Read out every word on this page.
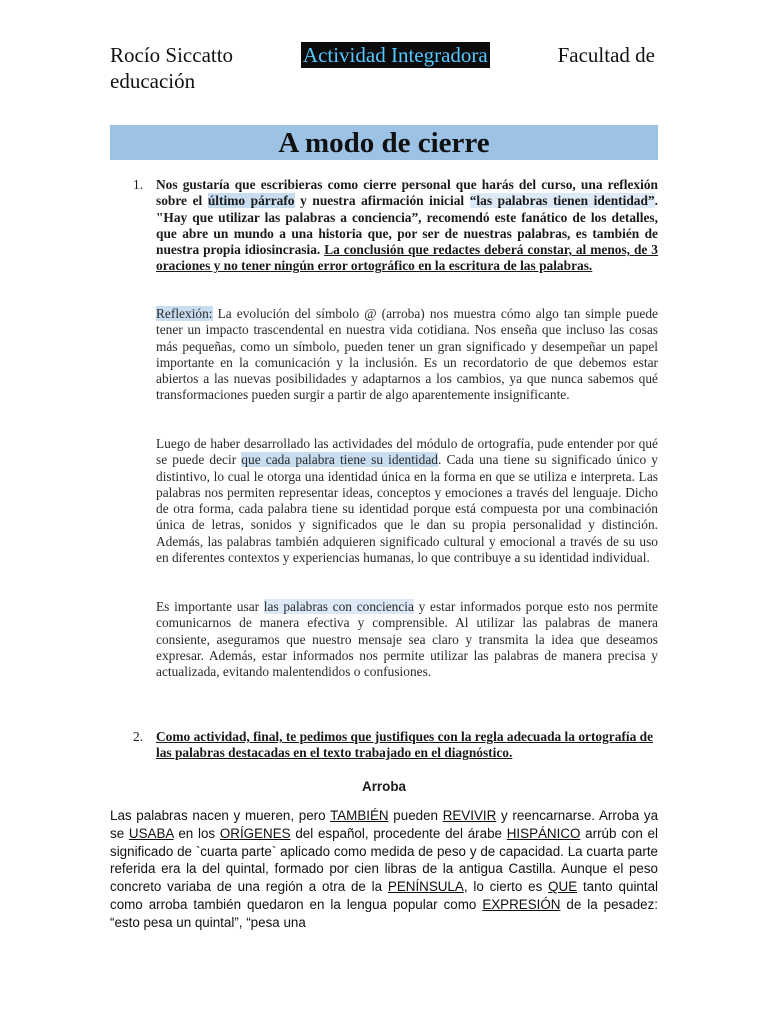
Rocío Siccatto	Actividad Integradora	Facultad de
educación
A modo de cierre
1. Nos gustaría que escribieras como cierre personal que harás del curso, una reflexión sobre el último párrafo y nuestra afirmación inicial “las palabras tienen identidad”. "Hay que utilizar las palabras a conciencia”, recomendó este fanático de los detalles, que abre un mundo a una historia que, por ser de nuestras palabras, es también de nuestra propia idiosincrasia. La conclusión que redactes deberá constar, al menos, de 3 oraciones y no tener ningún error ortográfico en la escritura de las palabras.
Reflexión: La evolución del símbolo @ (arroba) nos muestra cómo algo tan simple puede tener un impacto trascendental en nuestra vida cotidiana. Nos enseña que incluso las cosas más pequeñas, como un símbolo, pueden tener un gran significado y desempeñar un papel importante en la comunicación y la inclusión. Es un recordatorio de que debemos estar abiertos a las nuevas posibilidades y adaptarnos a los cambios, ya que nunca sabemos qué transformaciones pueden surgir a partir de algo aparentemente insignificante.
Luego de haber desarrollado las actividades del módulo de ortografía, pude entender por qué se puede decir que cada palabra tiene su identidad. Cada una tiene su significado único y distintivo, lo cual le otorga una identidad única en la forma en que se utiliza e interpreta. Las palabras nos permiten representar ideas, conceptos y emociones a través del lenguaje. Dicho de otra forma, cada palabra tiene su identidad porque está compuesta por una combinación única de letras, sonidos y significados que le dan su propia personalidad y distinción. Además, las palabras también adquieren significado cultural y emocional a través de su uso en diferentes contextos y experiencias humanas, lo que contribuye a su identidad individual.
Es importante usar las palabras con conciencia y estar informados porque esto nos permite comunicarnos de manera efectiva y comprensible. Al utilizar las palabras de manera consiente, aseguramos que nuestro mensaje sea claro y transmita la idea que deseamos expresar. Además, estar informados nos permite utilizar las palabras de manera precisa y actualizada, evitando malentendidos o confusiones.
2. Como actividad, final, te pedimos que justifiques con la regla adecuada la ortografía de las palabras destacadas en el texto trabajado en el diagnóstico.
Arroba
Las palabras nacen y mueren, pero TAMBIÉN pueden REVIVIR y reencarnarse. Arroba ya se USABA en los ORÍGENES del español, procedente del árabe HISPÁNICO arrúb con el significado de `cuarta parte` aplicado como medida de peso y de capacidad. La cuarta parte referida era la del quintal, formado por cien libras de la antigua Castilla. Aunque el peso concreto variaba de una región a otra de la PENÍNSULA, lo cierto es QUE tanto quintal como arroba también quedaron en la lengua popular como EXPRESIÓN de la pesadez: “esto pesa un quintal”, “pesa una
